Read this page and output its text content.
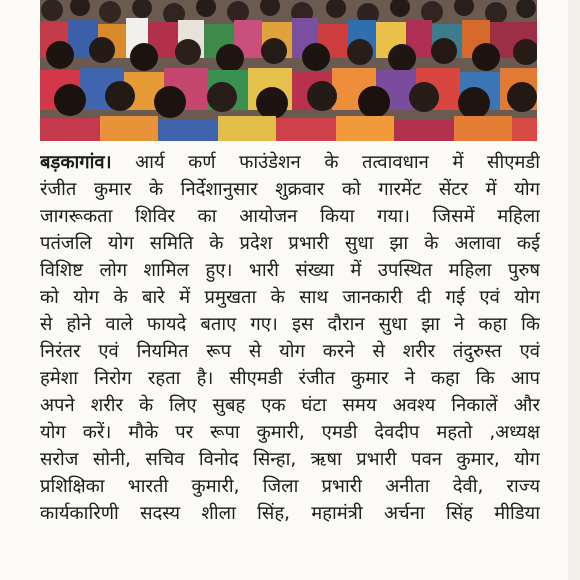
बड़कागांव। आर्य कर्ण फाउंडेशन के तत्वावधान में सीएमडी
रंजीत कुमार के निर्देशानुसार शुक्रवार को गारमेंट सेंटर में योग
जागरूकता शिविर का आयोजन किया गया। जिसमें महिला
पतंजलि योग समिति के प्रदेश प्रभारी सुधा झा के अलावा कई
विशिष्ट लोग शामिल हुए। भारी संख्या में उपस्थित महिला पुरुष
को योग के बारे में प्रमुखता के साथ जानकारी दी गई एवं योग
से होने वाले फायदे बताए गए। इस दौरान सुधा झा ने कहा कि
निरंतर एवं नियमित रूप से योग करने से शरीर तंदुरुस्त एवं
हमेशा निरोग रहता है। सीएमडी रंजीत कुमार ने कहा कि आप
अपने शरीर के लिए सुबह एक घंटा समय अवश्य निकालें और
योग करें। मौके पर रूपा कुमारी, एमडी देवदीप महतो ,अध्यक्ष
सरोज सोनी, सचिव विनोद सिन्हा, ऋषा प्रभारी पवन कुमार, योग
प्रशिक्षिका भारती कुमारी, जिला प्रभारी अनीता देवी, राज्य
कार्यकारिणी सदस्य शीला सिंह, महामंत्री अर्चना सिंह मीडिया
